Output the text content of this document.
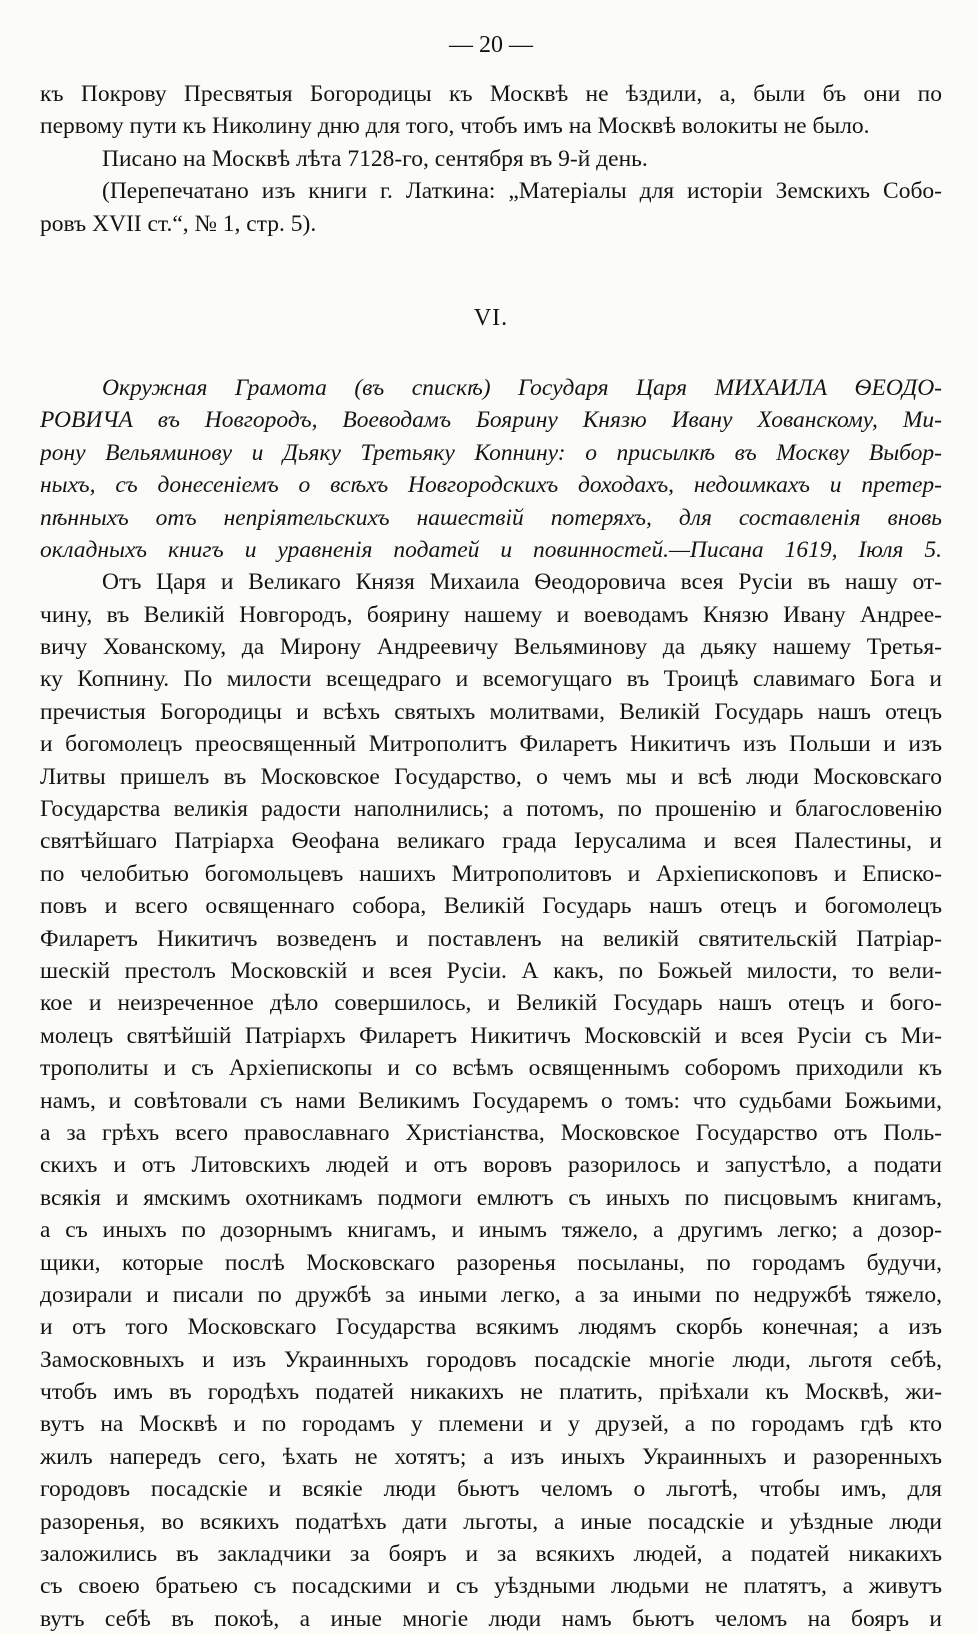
— 20 —
къ Покрову Пресвятыя Богородицы къ Москвѣ не ѣздили, а, были бъ они по
первому пути къ Николину дню для того, чтобъ имъ на Москвѣ волокиты не было.
Писано на Москвѣ лѣта 7128-го, сентября въ 9-й день.
(Перепечатано изъ книги г. Латкина: „Матеріалы для исторіи Земскихъ Собо-
ровъ XVII ст.“, № 1, стр. 5).
VI.
Окружная Грамота (въ спискѣ) Государя Царя МИХАИЛА ѲЕОДО-
РОВИЧА въ Новгородъ, Воеводамъ Боярину Князю Ивану Хованскому, Ми-
рону Вельяминову и Дьяку Третьяку Копнину: о присылкѣ въ Москву Выбор-
ныхъ, съ донесеніемъ о всѣхъ Новгородскихъ доходахъ, недоимкахъ и претер-
пѣнныхъ отъ непріятельскихъ нашествій потеряхъ, для составленія вновь
окладныхъ книгъ и уравненія податей и повинностей.—Писана 1619, Іюля 5.
Отъ Царя и Великаго Князя Михаила Ѳеодоровича всея Русіи въ нашу от-
чину, въ Великій Новгородъ, боярину нашему и воеводамъ Князю Ивану Андрее-
вичу Хованскому, да Мирону Андреевичу Вельяминову да дьяку нашему Третья-
ку Копнину. По милости всещедраго и всемогущаго въ Троицѣ славимаго Бога и
пречистыя Богородицы и всѣхъ святыхъ молитвами, Великій Государь нашъ отецъ
и богомолецъ преосвященный Митрополитъ Филаретъ Никитичъ изъ Польши и изъ
Литвы пришелъ въ Московское Государство, о чемъ мы и всѣ люди Московскаго
Государства великія радости наполнились; а потомъ, по прошенію и благословенію
святѣйшаго Патріарха Ѳеофана великаго града Іерусалима и всея Палестины, и
по челобитью богомольцевъ нашихъ Митрополитовъ и Архіепископовъ и Еписко-
повъ и всего освященнаго собора, Великій Государь нашъ отецъ и богомолецъ
Филаретъ Никитичъ возведенъ и поставленъ на великій святительскій Патріар-
шескій престолъ Московскій и всея Русіи. А какъ, по Божьей милости, то вели-
кое и неизреченное дѣло совершилось, и Великій Государь нашъ отецъ и бого-
молецъ святѣйшій Патріархъ Филаретъ Никитичъ Московскій и всея Русіи съ Ми-
трополиты и съ Архіепископы и со всѣмъ освященнымъ соборомъ приходили къ
намъ, и совѣтовали съ нами Великимъ Государемъ о томъ: что судьбами Божьими,
а за грѣхъ всего православнаго Христіанства, Московское Государство отъ Поль-
скихъ и отъ Литовскихъ людей и отъ воровъ разорилось и запустѣло, а подати
всякія и ямскимъ охотникамъ подмоги емлютъ съ иныхъ по писцовымъ книгамъ,
а съ иныхъ по дозорнымъ книгамъ, и инымъ тяжело, а другимъ легко; а дозор-
щики, которые послѣ Московскаго разоренья посыланы, по городамъ будучи,
дозирали и писали по дружбѣ за иными легко, а за иными по недружбѣ тяжело,
и отъ того Московскаго Государства всякимъ людямъ скорбь конечная; а изъ
Замосковныхъ и изъ Украинныхъ городовъ посадскіе многіе люди, льготя себѣ,
чтобъ имъ въ городѣхъ податей никакихъ не платить, пріѣхали къ Москвѣ, жи-
вутъ на Москвѣ и по городамъ у племени и у друзей, а по городамъ гдѣ кто
жилъ напередъ сего, ѣхать не хотятъ; а изъ иныхъ Украинныхъ и разоренныхъ
городовъ посадскіе и всякіе люди бьютъ челомъ о льготѣ, чтобы имъ, для
разоренья, во всякихъ податѣхъ дати льготы, а иные посадскіе и уѣздные люди
заложились въ закладчики за бояръ и за всякихъ людей, а податей никакихъ
съ своею братьею съ посадскими и съ уѣздными людьми не платятъ, а живутъ
вутъ себѣ въ покоѣ, а иные многіе люди намъ бьютъ челомъ на бояръ и
